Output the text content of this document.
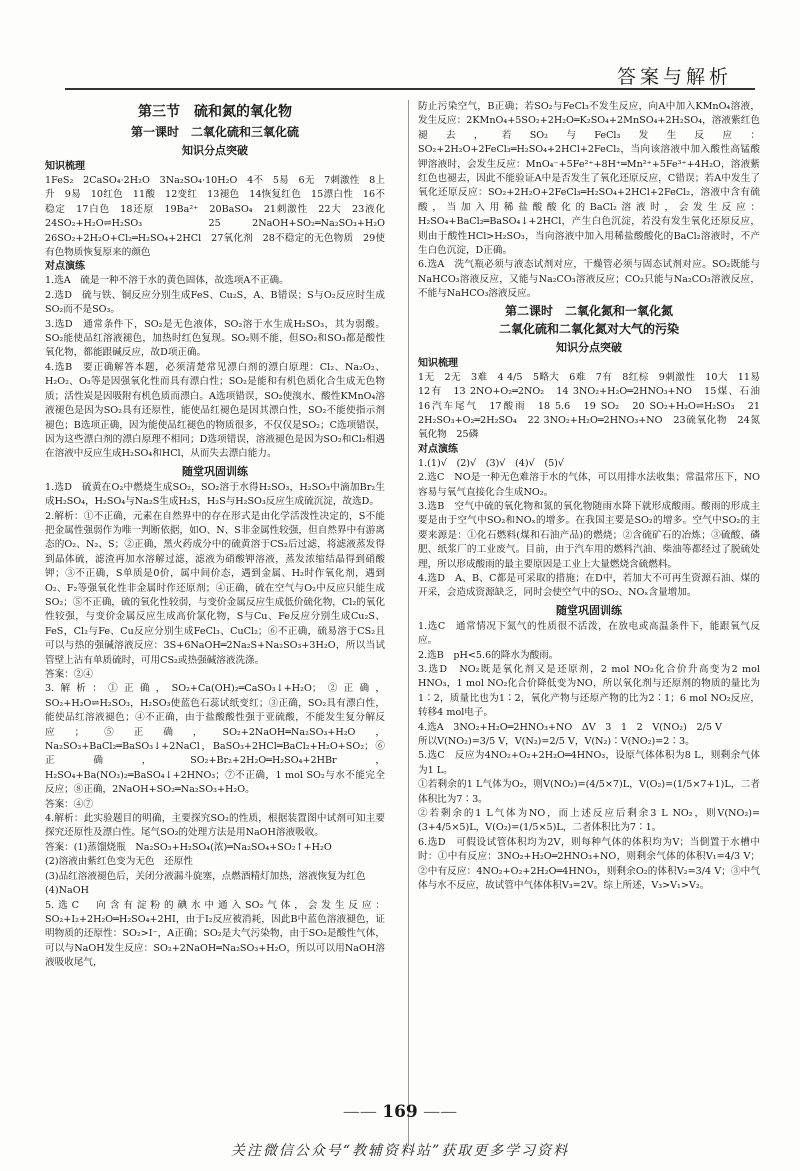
答案与解析
第三节　硫和氮的氧化物
第一课时　二氧化硫和三氧化硫
知识分点突破
知识梳理

1FeS₂　2CaSO₄·2H₂O　3Na₂SO₄·10H₂O　4不　5易　6无　7刺激性　8上升　9易　10红色　11酸　12变红　13褪色　14恢复红色　15漂白性　16不稳定　17白色　18还原　19Ba²⁺　20BaSO₄　21刺激性　22大　23液化　24SO₂+H₂O⇌H₂SO₃　25 2NaOH+SO₂═Na₂SO₃+H₂O　26SO₂+2H₂O+Cl₂═H₂SO₄+2HCl　27氧化剂　28不稳定的无色物质　29使有色物质恢复原来的颜色

对点演练

1.选A　硫是一种不溶于水的黄色固体，故选项A不正确。

2.选D　硫与铁、铜反应分别生成FeS、Cu₂S，A、B错误；S与O₂反应时生成SO₂而不是SO₃。

3.选D　通常条件下，SO₂是无色液体，SO₂溶于水生成H₂SO₃，其为弱酸。SO₂能使品红溶液褪色，加热时红色复现。SO₂则不能，但SO₂和SO₃都是酸性氧化物，都能跟碱反应，故D项正确。

4.选B　要正确解答本题，必须清楚常见漂白剂的漂白原理：Cl₂、Na₂O₂、H₂O₂、O₃等是因强氧化性而具有漂白性；SO₂是能和有机色质化合生成无色物质；活性炭是因吸附有机色质而漂白。A选项错误，SO₂使溴水、酸性KMnO₄溶液褪色是因为SO₂具有还原性，能使品红褪色是因其漂白性，SO₂不能使指示剂褪色；B选项正确，因为能使品红褪色的物质很多，不仅仅是SO₂；C选项错误，因为这些漂白剂的漂白原理不相同；D选项错误，溶液褪色是因为SO₂和Cl₂相遇在溶液中反应生成H₂SO₄和HCl，从而失去漂白能力。

随堂巩固训练

1.选D　硫黄在O₂中燃烧生成SO₂，SO₂溶于水得H₂SO₃，H₂SO₃中滴加Br₂生成H₂SO₄，H₂SO₄与Na₂S生成H₂S，H₂S与H₂SO₃反应生成硫沉淀，故选D。

2.解析：①不正确，元素在自然界中的存在形式是由化学活泼性决定的，S不能把金属性强弱作为唯一判断依据，如O、N、S非金属性较强，但自然界中有游离态的O₂、N₂、S；②正确，黑火药成分中的硫黄溶于CS₂后过滤，将滤液蒸发得到晶体硫，滤渣再加水溶解过滤，滤液为硝酸钾溶液，蒸发浓缩结晶得到硝酸钾；③不正确，S单质是0价，属中间价态，遇到金属、H₂时作氧化剂，遇到O₂、F₂等强氧化性非金属时作还原剂；④正确，硫在空气与O₂中反应只能生成SO₂；⑤不正确，硫的氧化性较弱，与变价金属反应生成低价硫化物，Cl₂的氧化性较强，与变价金属反应生成高价氯化物，S与Cu、Fe反应分别生成Cu₂S、FeS，Cl₂与Fe、Cu反应分别生成FeCl₃、CuCl₂；⑥不正确，硫易溶于CS₂且可以与热的强碱溶液反应：3S+6NaOH═2Na₂S+Na₂SO₃+3H₂O，所以当试管壁上沾有单质硫时，可用CS₂或热强碱溶液洗涤。

答案：②④

3.解析：①正确，SO₂+Ca(OH)₂═CaSO₃↓+H₂O；②正确，SO₂+H₂O⇌H₂SO₃，H₂SO₃使蓝色石蕊试纸变红；③正确，SO₂具有漂白性，能使品红溶液褪色；④不正确，由于盐酸酸性强于亚硫酸，不能发生复分解反应；⑤正确，SO₂+2NaOH═Na₂SO₃+H₂O，Na₂SO₃+BaCl₂═BaSO₃↓+2NaCl，BaSO₃+2HCl═BaCl₂+H₂O+SO₂；⑥正确，SO₂+Br₂+2H₂O═H₂SO₄+2HBr，H₂SO₄+Ba(NO₃)₂═BaSO₄↓+2HNO₃；⑦不正确，1 mol SO₂与水不能完全反应；⑧正确，2NaOH+SO₂═Na₂SO₃+H₂O。

答案：④⑦

4.解析：此实验题目的明确，主要探究SO₂的性质，根据装置图中试剂可知主要探究还原性及漂白性。尾气SO₂的处理方法是用NaOH溶液吸收。

答案：(1)蒸馏烧瓶　Na₂SO₃+H₂SO₄(浓)═Na₂SO₄+SO₂↑+H₂O

(2)溶液由紫红色变为无色　还原性

(3)品红溶液褪色后，关闭分液漏斗旋塞，点燃酒精灯加热，溶液恢复为红色

(4)NaOH

5.选C　向含有淀粉的碘水中通入SO₂气体，会发生反应：SO₂+I₂+2H₂O═H₂SO₄+2HI，由于I₂反应被消耗，因此B中蓝色溶液褪色，证明物质的还原性：SO₂>I⁻，A正确；SO₂是大气污染物，由于SO₂是酸性气体，可以与NaOH发生反应：SO₂+2NaOH═Na₂SO₃+H₂O，所以可以用NaOH溶液吸收尾气，

防止污染空气，B正确；若SO₂与FeCl₃不发生反应，向A中加入KMnO₄溶液，发生反应：2KMnO₄+5SO₂+2H₂O═K₂SO₄+2MnSO₄+2H₂SO₄，溶液紫红色褪去，若SO₂与FeCl₃发生反应：SO₂+2H₂O+2FeCl₃═H₂SO₄+2HCl+2FeCl₂，当向该溶液中加入酸性高锰酸钾溶液时，会发生反应：MnO₄⁻+5Fe²⁺+8H⁺═Mn²⁺+5Fe³⁺+4H₂O，溶液紫红色也褪去，因此不能验证A中是否发生了氧化还原反应，C错误；若A中发生了氧化还原反应：SO₂+2H₂O+2FeCl₃═H₂SO₄+2HCl+2FeCl₂，溶液中含有硫酸，当加入用稀盐酸酸化的BaCl₂溶液时，会发生反应：H₂SO₄+BaCl₂═BaSO₄↓+2HCl，产生白色沉淀，若没有发生氧化还原反应，则由于酸性HCl>H₂SO₃，当向溶液中加入用稀盐酸酸化的BaCl₂溶液时，不产生白色沉淀，D正确。

6.选A　洗气瓶必须与液态试剂对应，干燥管必须与固态试剂对应。SO₂既能与NaHCO₃溶液反应，又能与Na₂CO₃溶液反应；CO₂只能与Na₂CO₃溶液反应，不能与NaHCO₃溶液反应。

第二课时　二氧化氮和一氧化氮
二氧化硫和二氧化氮对大气的污染
知识分点突破
知识梳理

1无　2无　3难　4 4/5　5略大　6难　7有　8红棕　9刺激性　10大　11易　12有　13 2NO+O₂═2NO₂　14 3NO₂+H₂O═2HNO₃+NO　15煤、石油　16汽车尾气　17酸雨　18 5.6　19 SO₂　20 SO₂+H₂O⇌H₂SO₃　21 2H₂SO₃+O₂═2H₂SO₄　22 3NO₂+H₂O═2HNO₃+NO　23硫氧化物　24氮氧化物　25磷

对点演练

1.(1)√　(2)√　(3)√　(4)√　(5)√

2.选C　NO是一种无色难溶于水的气体，可以用排水法收集；常温常压下，NO容易与氧气直接化合生成NO₂。

3.选B　空气中硫的氧化物和氮的氧化物随雨水降下就形成酸雨。酸雨的形成主要是由于空气中SO₂和NOₓ的增多。在我国主要是SO₂的增多。空气中SO₂的主要来源是：①化石燃料(煤和石油产品)的燃烧；②含硫矿石的冶炼；③硫酸、磷肥、纸浆厂的工业废气。目前，由于汽车用的燃料汽油、柴油等都经过了脱硫处理，所以形成酸雨的最主要原因是工业上大量燃烧含硫燃料。

4.选D　A、B、C都是可采取的措施；在D中，若加大不可再生资源石油、煤的开采，会造成资源缺乏，同时会使空气中的SO₂、NOₓ含量增加。

随堂巩固训练

1.选C　通常情况下氮气的性质很不活泼，在放电或高温条件下，能跟氧气反应。

2.选B　pH<5.6的降水为酸雨。

3.选D　NO₂既是氧化剂又是还原剂，2 mol NO₂化合价升高变为2 mol HNO₃，1 mol NO₂化合价降低变为NO，所以氧化剂与还原剂的物质的量比为1∶2，质量比也为1∶2，氧化产物与还原产物的比为2∶1；6 mol NO₂反应，转移4 mol电子。

4.选A　3NO₂+H₂O═2HNO₃+NO　ΔV　3　1　2　V(NO₂)　2/5 V

所以V(NO₂)=3/5 V，V(N₂)=2/5 V，V(N₂)∶V(NO₂)=2∶3。

5.选C　反应为4NO₂+O₂+2H₂O═4HNO₃，设原气体体积为8 L，则剩余气体为1 L。

①若剩余的1 L气体为O₂，则V(NO₂)=(4/5×7)L，V(O₂)=(1/5×7+1)L，二者体积比为7∶3。

②若剩余的1 L气体为NO，而上述反应后剩余3 L NO₂，则V(NO₂)=(3+4/5×5)L，V(O₂)=(1/5×5)L，二者体积比为7∶1。

6.选D　可假设试管体积均为2V，则每种气体的体积均为V；当倒置于水槽中时：①中有反应：3NO₂+H₂O═2HNO₃+NO，则剩余气体的体积V₁=4/3 V；②中有反应：4NO₂+O₂+2H₂O═4HNO₃，则剩余O₂的体积V₂=3/4 V；③中气体与水不反应，故试管中气体体积V₃=2V。综上所述，V₃>V₁>V₂。

—— 169 ——
关注微信公众号“教辅资料站”获取更多学习资料
